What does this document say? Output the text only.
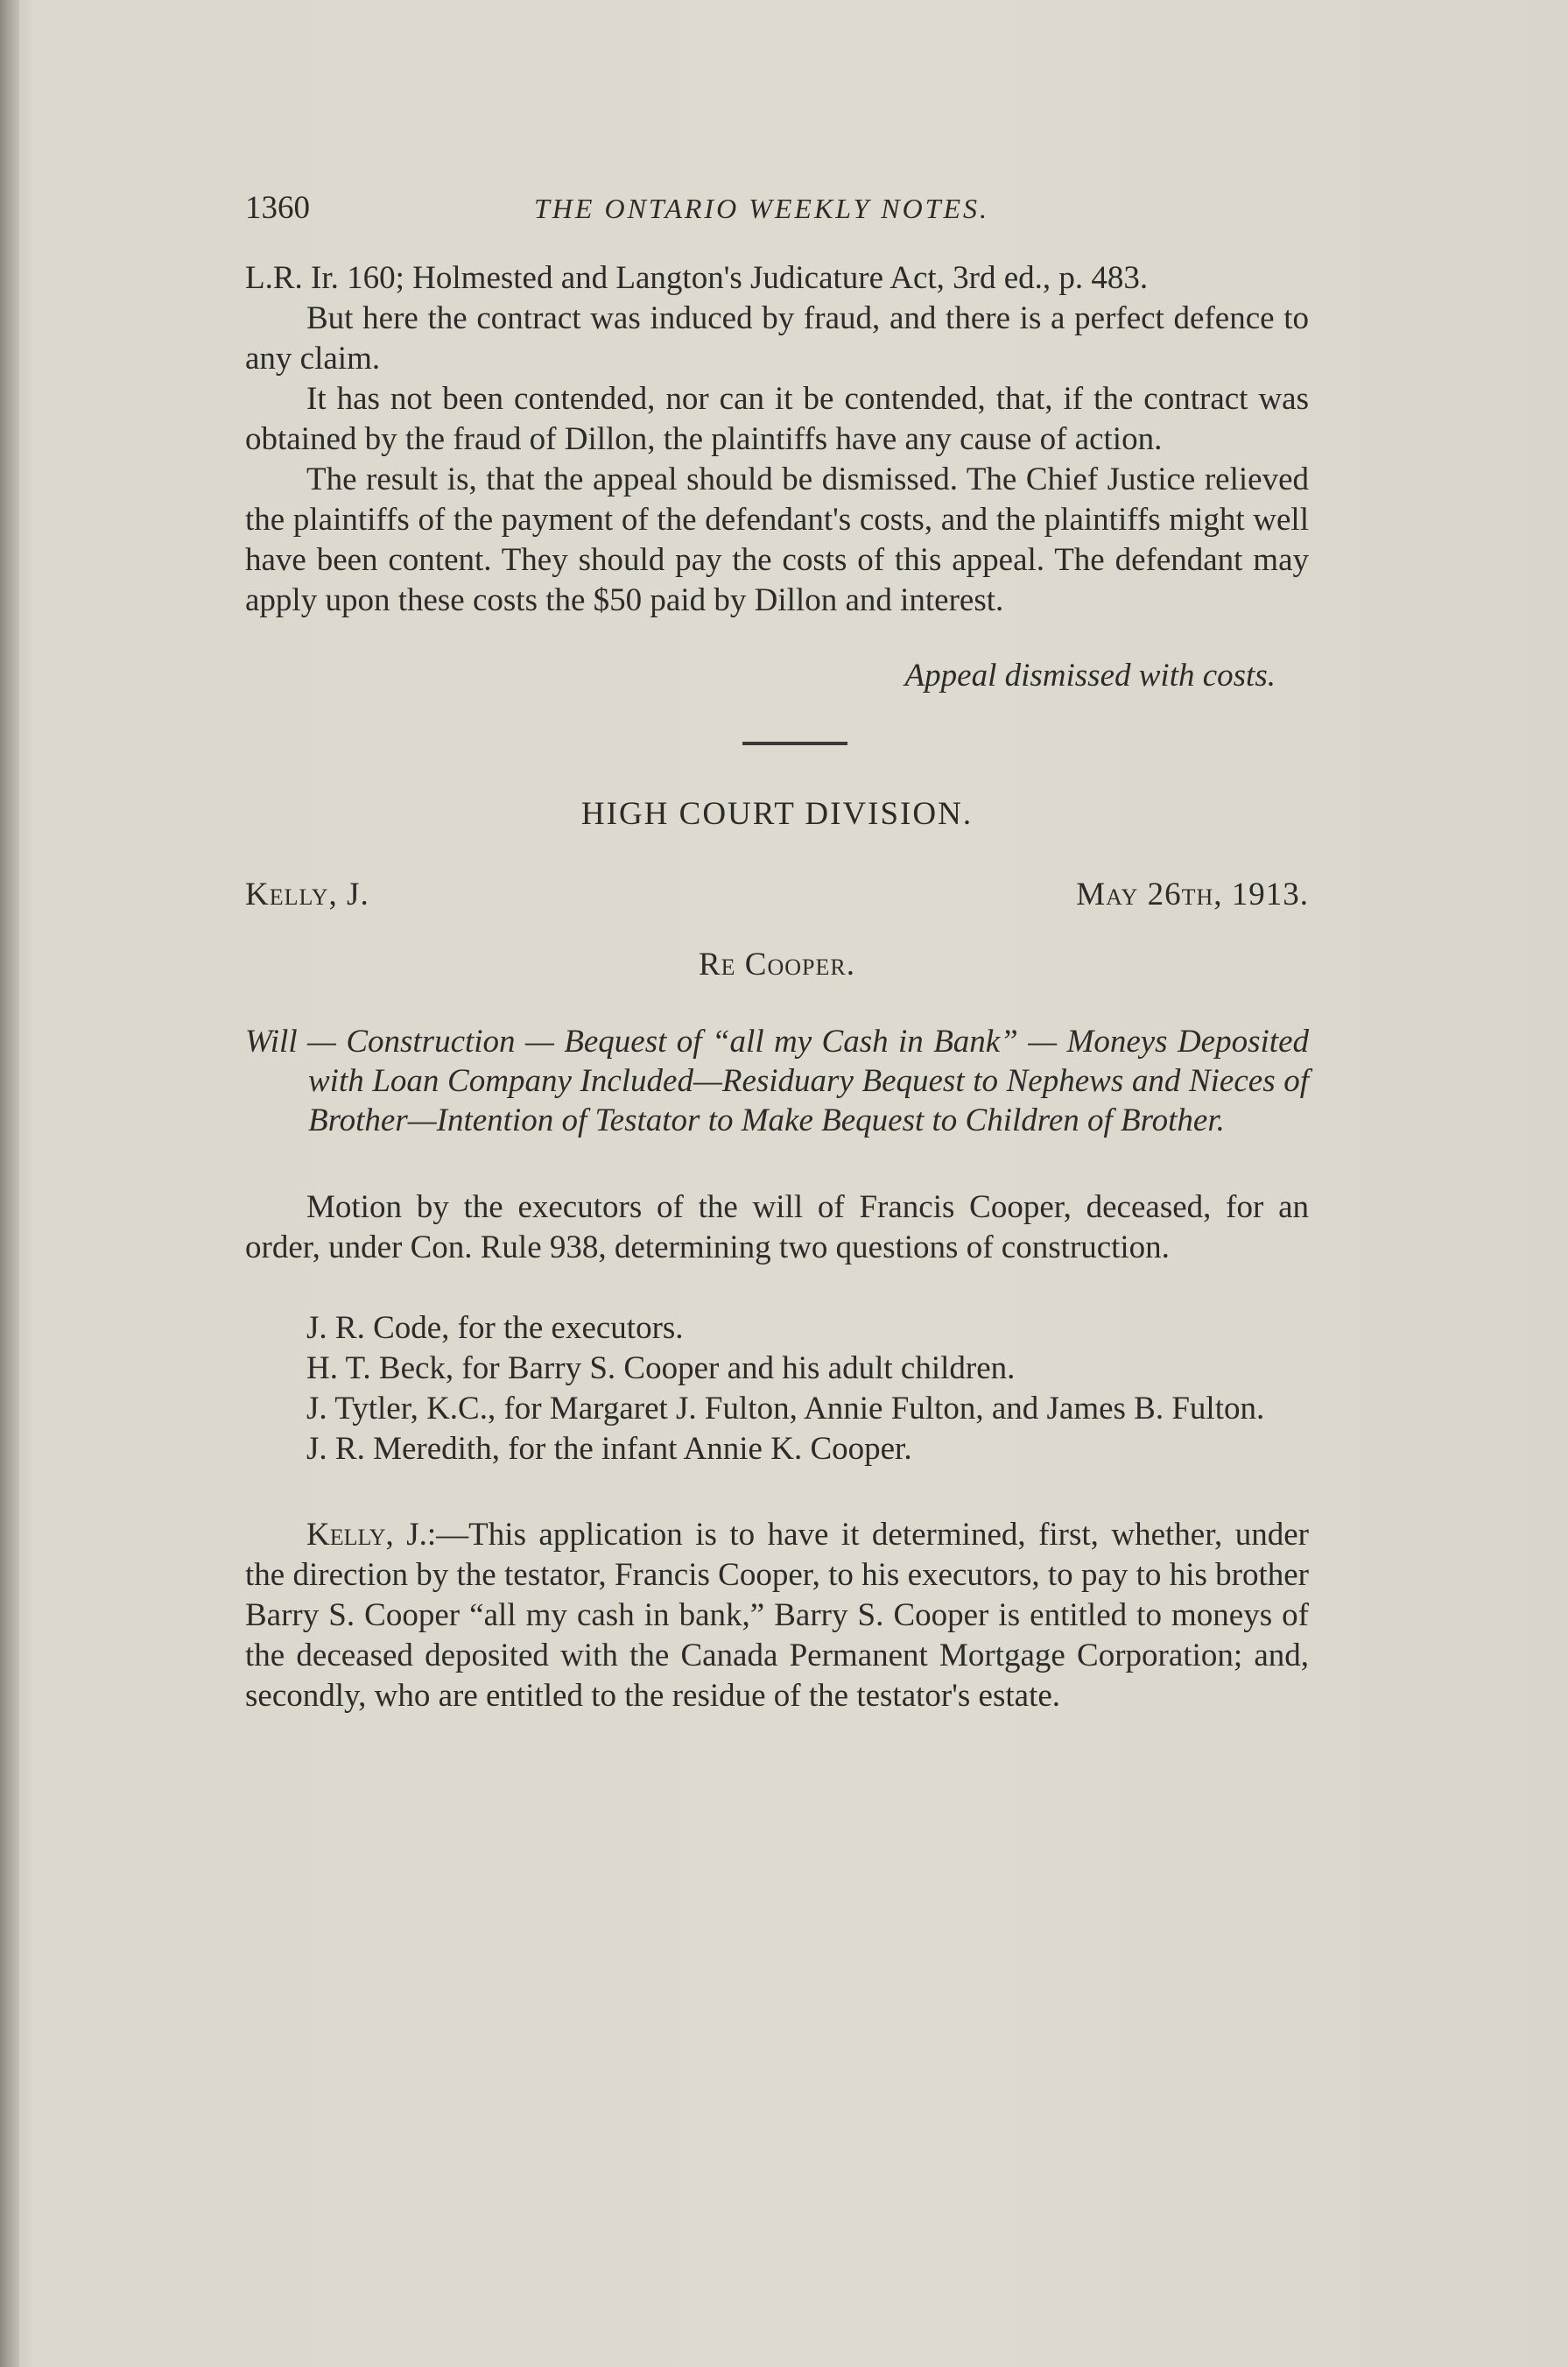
1360	THE ONTARIO WEEKLY NOTES.

L.R. Ir. 160; Holmested and Langton's Judicature Act, 3rd ed., p. 483.

But here the contract was induced by fraud, and there is a perfect defence to any claim.

It has not been contended, nor can it be contended, that, if the contract was obtained by the fraud of Dillon, the plaintiffs have any cause of action.

The result is, that the appeal should be dismissed. The Chief Justice relieved the plaintiffs of the payment of the defendant's costs, and the plaintiffs might well have been content. They should pay the costs of this appeal. The defendant may apply upon these costs the $50 paid by Dillon and interest.

Appeal dismissed with costs.

HIGH COURT DIVISION.

Kelly, J.	May 26th, 1913.

Re Cooper.

Will — Construction — Bequest of “all my Cash in Bank” — Moneys Deposited with Loan Company Included—Residuary Bequest to Nephews and Nieces of Brother—Intention of Testator to Make Bequest to Children of Brother.

Motion by the executors of the will of Francis Cooper, deceased, for an order, under Con. Rule 938, determining two questions of construction.

J. R. Code, for the executors.

H. T. Beck, for Barry S. Cooper and his adult children.

J. Tytler, K.C., for Margaret J. Fulton, Annie Fulton, and James B. Fulton.

J. R. Meredith, for the infant Annie K. Cooper.

Kelly, J.:—This application is to have it determined, first, whether, under the direction by the testator, Francis Cooper, to his executors, to pay to his brother Barry S. Cooper “all my cash in bank,” Barry S. Cooper is entitled to moneys of the deceased deposited with the Canada Permanent Mortgage Corporation; and, secondly, who are entitled to the residue of the testator's estate.
